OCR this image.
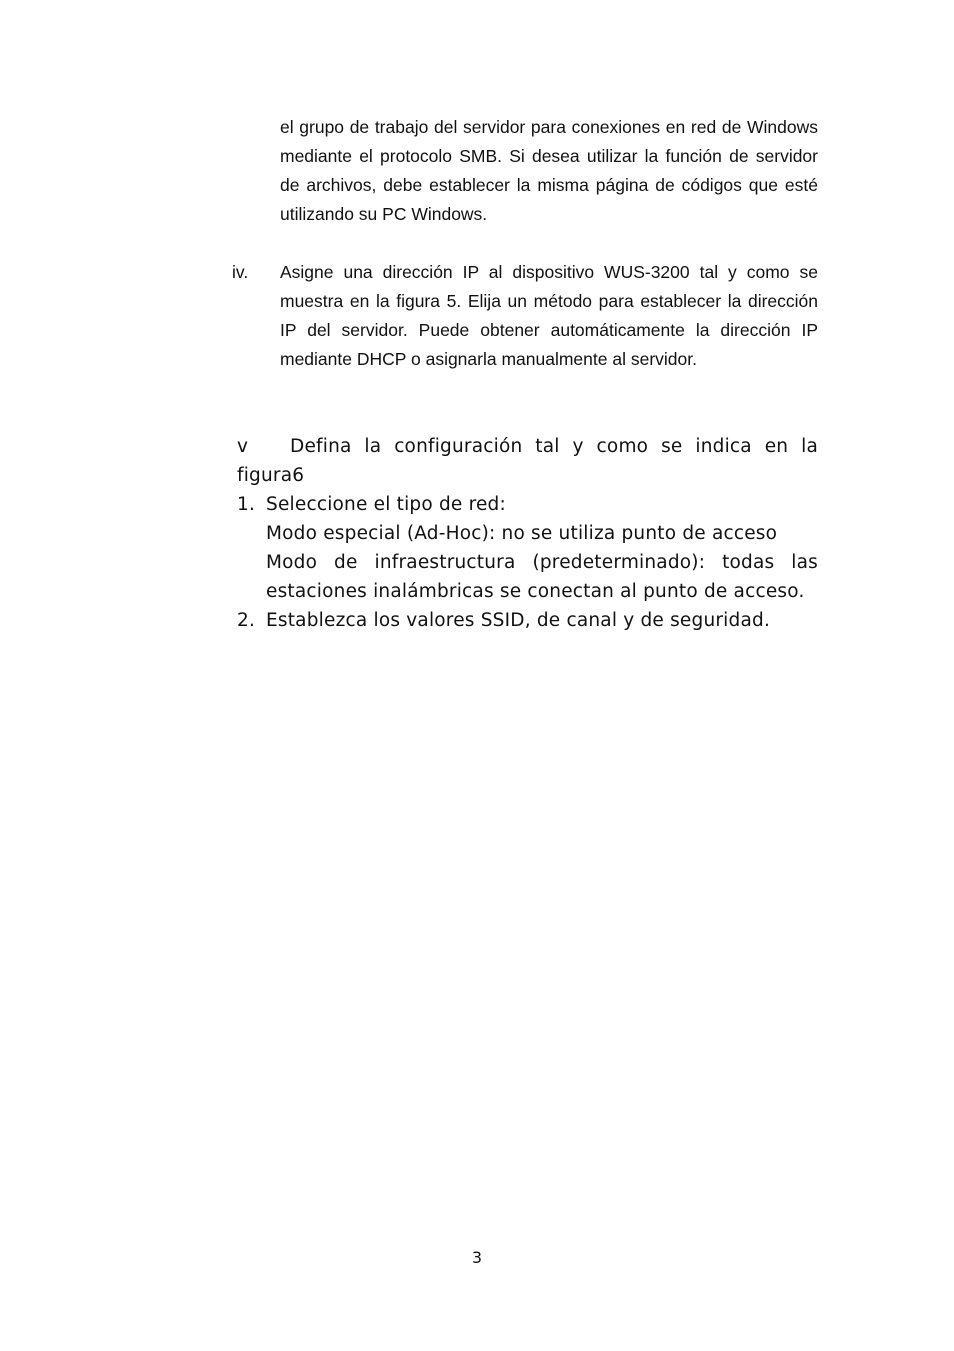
el grupo de trabajo del servidor para conexiones en red de Windows mediante el protocolo SMB. Si desea utilizar la función de servidor de archivos, debe establecer la misma página de códigos que esté utilizando su PC Windows.

iv. Asigne una dirección IP al dispositivo WUS-3200 tal y como se muestra en la figura 5. Elija un método para establecer la dirección IP del servidor. Puede obtener automáticamente la dirección IP mediante DHCP o asignarla manualmente al servidor.

v Defina la configuración tal y como se indica en la figura6
1. Seleccione el tipo de red:
Modo especial (Ad-Hoc): no se utiliza punto de acceso
Modo de infraestructura (predeterminado): todas las estaciones inalámbricas se conectan al punto de acceso.
2. Establezca los valores SSID, de canal y de seguridad.
3
